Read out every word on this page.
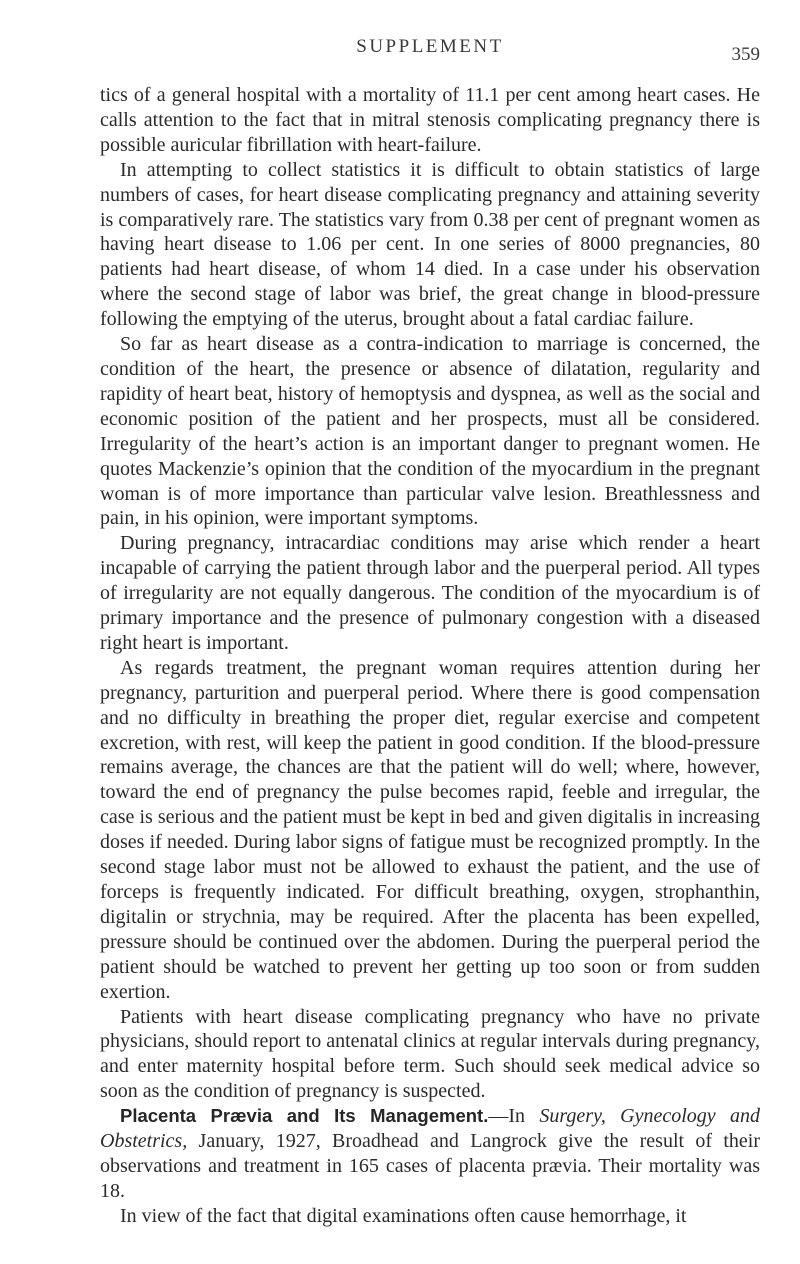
SUPPLEMENT	359

tics of a general hospital with a mortality of 11.1 per cent among heart cases. He calls attention to the fact that in mitral stenosis complicating pregnancy there is possible auricular fibrillation with heart-failure.

In attempting to collect statistics it is difficult to obtain statistics of large numbers of cases, for heart disease complicating pregnancy and attaining severity is comparatively rare. The statistics vary from 0.38 per cent of pregnant women as having heart disease to 1.06 per cent. In one series of 8000 pregnancies, 80 patients had heart disease, of whom 14 died. In a case under his observation where the second stage of labor was brief, the great change in blood-pressure following the emptying of the uterus, brought about a fatal cardiac failure.

So far as heart disease as a contra-indication to marriage is concerned, the condition of the heart, the presence or absence of dilatation, regularity and rapidity of heart beat, history of hemoptysis and dyspnea, as well as the social and economic position of the patient and her prospects, must all be considered. Irregularity of the heart’s action is an important danger to pregnant women. He quotes Mackenzie’s opinion that the condition of the myocardium in the pregnant woman is of more importance than particular valve lesion. Breathlessness and pain, in his opinion, were important symptoms.

During pregnancy, intracardiac conditions may arise which render a heart incapable of carrying the patient through labor and the puerperal period. All types of irregularity are not equally dangerous. The condition of the myocardium is of primary importance and the presence of pulmonary congestion with a diseased right heart is important.

As regards treatment, the pregnant woman requires attention during her pregnancy, parturition and puerperal period. Where there is good compensation and no difficulty in breathing the proper diet, regular exercise and competent excretion, with rest, will keep the patient in good condition. If the blood-pressure remains average, the chances are that the patient will do well; where, however, toward the end of pregnancy the pulse becomes rapid, feeble and irregular, the case is serious and the patient must be kept in bed and given digitalis in increasing doses if needed. During labor signs of fatigue must be recognized promptly. In the second stage labor must not be allowed to exhaust the patient, and the use of forceps is frequently indicated. For difficult breathing, oxygen, strophanthin, digitalin or strychnia, may be required. After the placenta has been expelled, pressure should be continued over the abdomen. During the puerperal period the patient should be watched to prevent her getting up too soon or from sudden exertion.

Patients with heart disease complicating pregnancy who have no private physicians, should report to antenatal clinics at regular intervals during pregnancy, and enter maternity hospital before term. Such should seek medical advice so soon as the condition of pregnancy is suspected.

Placenta Prævia and Its Management.—In Surgery, Gynecology and Obstetrics, January, 1927, Broadhead and Langrock give the result of their observations and treatment in 165 cases of placenta prævia. Their mortality was 18.

In view of the fact that digital examinations often cause hemorrhage, it
